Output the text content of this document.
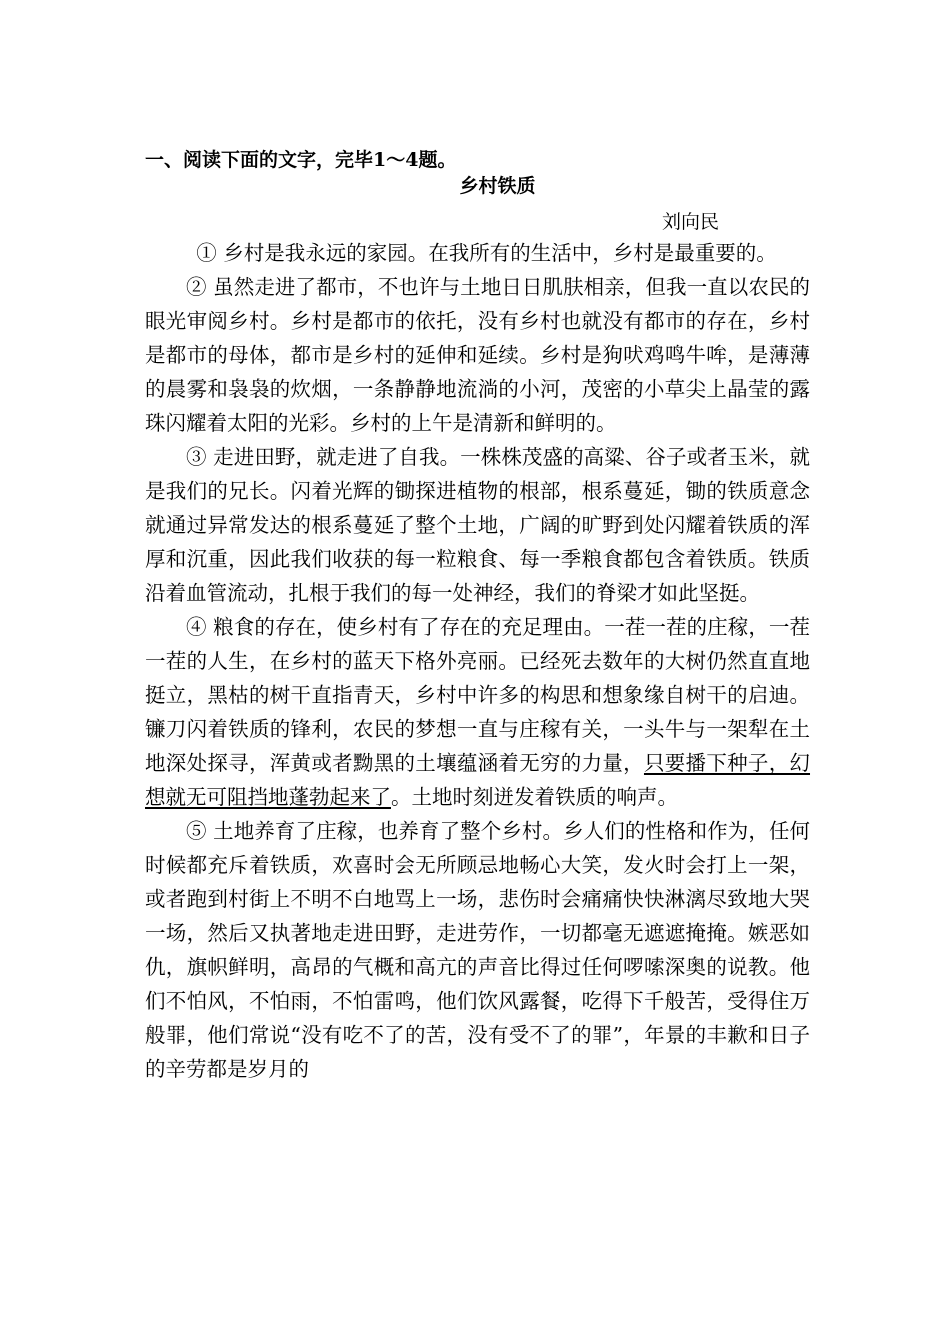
一、阅读下面的文字，完毕1～4题。
乡村铁质
刘向民

① 乡村是我永远的家园。在我所有的生活中，乡村是最重要的。

② 虽然走进了都市，不也许与土地日日肌肤相亲，但我一直以农民的眼光审阅乡村。乡村是都市的依托，没有乡村也就没有都市的存在，乡村是都市的母体，都市是乡村的延伸和延续。乡村是狗吠鸡鸣牛哞，是薄薄的晨雾和袅袅的炊烟，一条静静地流淌的小河，茂密的小草尖上晶莹的露珠闪耀着太阳的光彩。乡村的上午是清新和鲜明的。

③ 走进田野，就走进了自我。一株株茂盛的高粱、谷子或者玉米，就是我们的兄长。闪着光辉的锄探进植物的根部，根系蔓延，锄的铁质意念就通过异常发达的根系蔓延了整个土地，广阔的旷野到处闪耀着铁质的浑厚和沉重，因此我们收获的每一粒粮食、每一季粮食都包含着铁质。铁质沿着血管流动，扎根于我们的每一处神经，我们的脊梁才如此坚挺。

④ 粮食的存在，使乡村有了存在的充足理由。一茬一茬的庄稼，一茬一茬的人生，在乡村的蓝天下格外亮丽。已经死去数年的大树仍然直直地挺立，黑枯的树干直指青天，乡村中许多的构思和想象缘自树干的启迪。镰刀闪着铁质的锋利，农民的梦想一直与庄稼有关，一头牛与一架犁在土地深处探寻，浑黄或者黝黑的土壤蕴涵着无穷的力量，只要播下种子，幻想就无可阻挡地蓬勃起来了。土地时刻迸发着铁质的响声。

⑤ 土地养育了庄稼，也养育了整个乡村。乡人们的性格和作为，任何时候都充斥着铁质，欢喜时会无所顾忌地畅心大笑，发火时会打上一架，或者跑到村街上不明不白地骂上一场，悲伤时会痛痛快快淋漓尽致地大哭一场，然后又执著地走进田野，走进劳作，一切都毫无遮遮掩掩。嫉恶如仇，旗帜鲜明，高昂的气概和高亢的声音比得过任何啰嗦深奥的说教。他们不怕风，不怕雨，不怕雷鸣，他们饮风露餐，吃得下千般苦，受得住万般罪，他们常说“没有吃不了的苦，没有受不了的罪”，年景的丰歉和日子的辛劳都是岁月的
